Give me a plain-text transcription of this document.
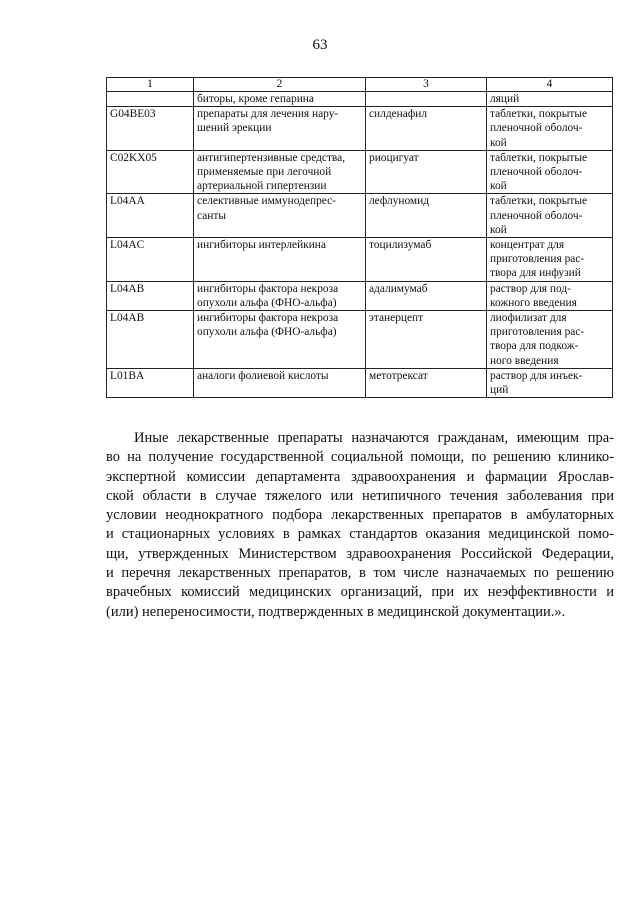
63
1	2	3	4

	биторы, кроме гепарина		ляций

G04BE03	препараты для лечения нару-
шений эрекции	силденафил	таблетки, покрытые
пленочной оболоч-
кой

C02KX05	антигипертензивные средства,
применяемые при легочной
артериальной гипертензии	риоцигуат	таблетки, покрытые
пленочной оболоч-
кой

L04AA	селективные иммунодепрес-
санты	лефлуномид	таблетки, покрытые
пленочной оболоч-
кой

L04AC	ингибиторы интерлейкина	тоцилизумаб	концентрат для
приготовления рас-
твора для инфузий

L04AB	ингибиторы фактора некроза
опухоли альфа (ФНО-альфа)	адалимумаб	раствор для под-
кожного введения

L04AB	ингибиторы фактора некроза
опухоли альфа (ФНО-альфа)	этанерцепт	лиофилизат для
приготовления рас-
твора для подкож-
ного введения

L01BA	аналоги фолиевой кислоты	метотрексат	раствор для инъек-
ций
Иные лекарственные препараты назначаются гражданам, имеющим пра-
во на получение государственной социальной помощи, по решению клинико-
экспертной комиссии департамента здравоохранения и фармации Ярослав-
ской области в случае тяжелого или нетипичного течения заболевания при
условии неоднократного подбора лекарственных препаратов в амбулаторных
и стационарных условиях в рамках стандартов оказания медицинской помо-
щи, утвержденных Министерством здравоохранения Российской Федерации,
и перечня лекарственных препаратов, в том числе назначаемых по решению
врачебных комиссий медицинских организаций, при их неэффективности и
(или) непереносимости, подтвержденных в медицинской документации.».
